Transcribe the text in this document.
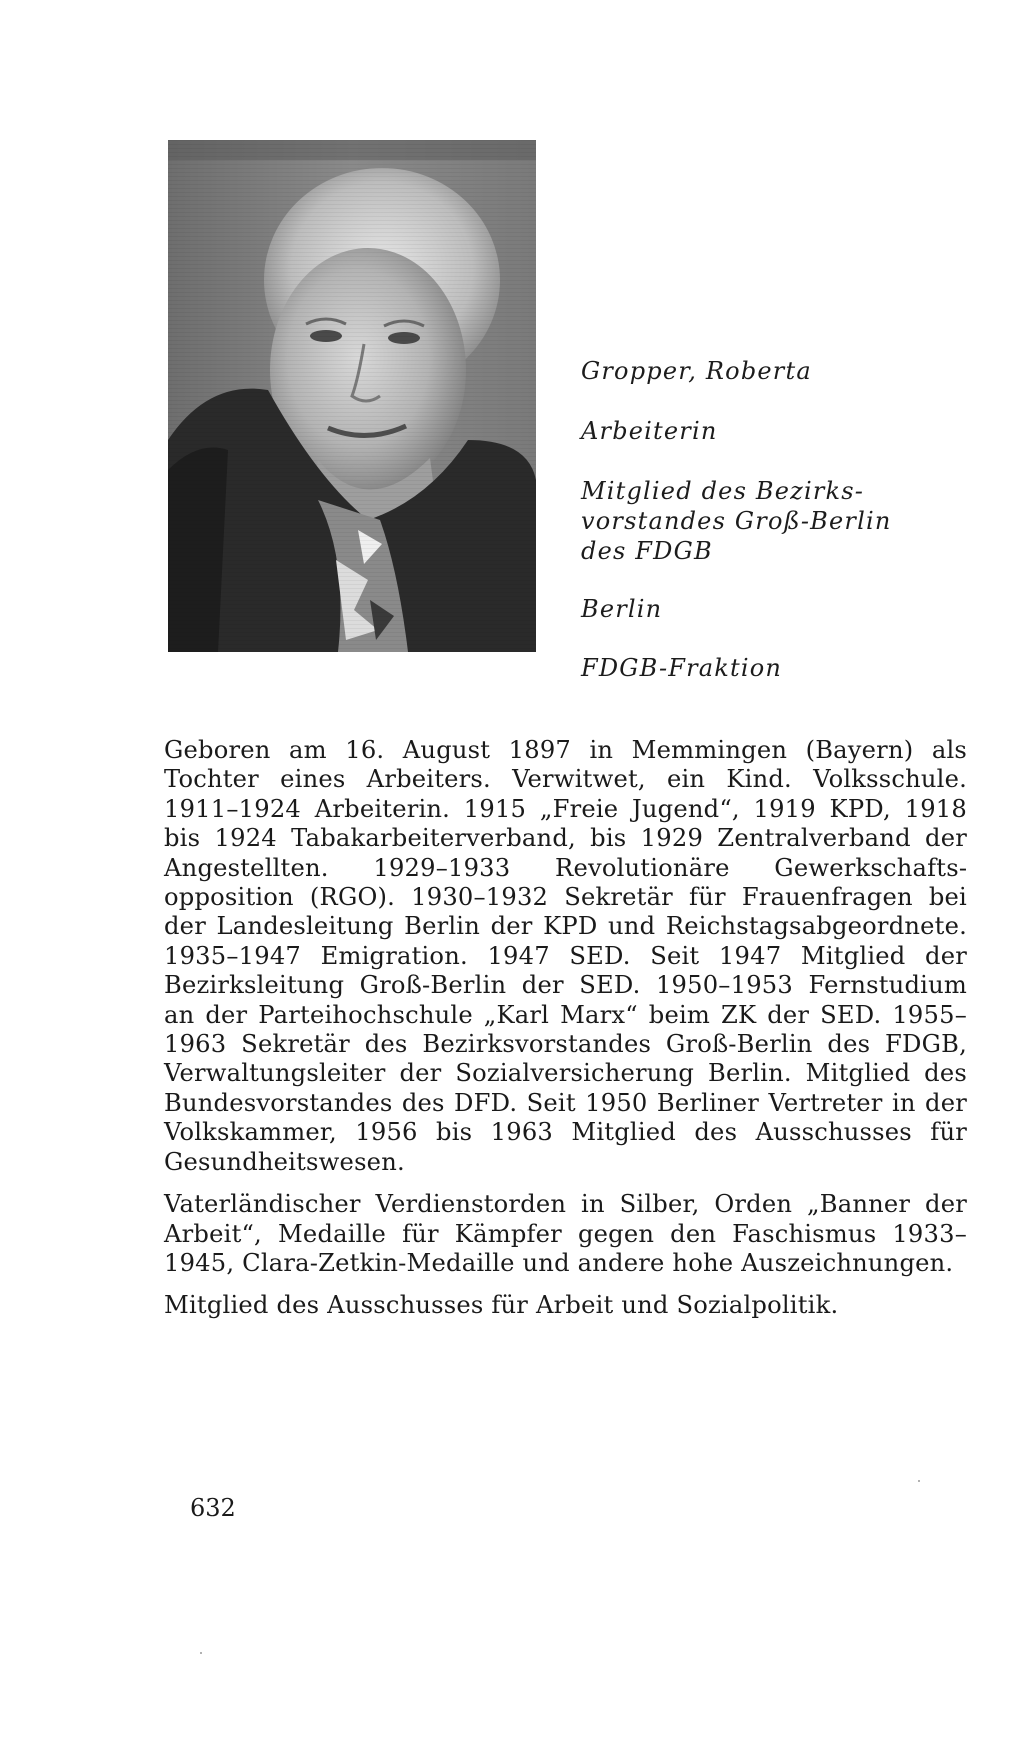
Gropper, Roberta
Arbeiterin
Mitglied des Bezirks-
vorstandes Groß-Berlin
des FDGB
Berlin
FDGB-Fraktion

Geboren am 16. August 1897 in Memmingen (Bayern) als Tochter eines Arbeiters. Verwitwet, ein Kind. Volksschule. 1911–1924 Arbeiterin. 1915 „Freie Jugend“, 1919 KPD, 1918 bis 1924 Tabakarbeiterverband, bis 1929 Zentralverband der Angestellten. 1929–1933 Revolutionäre Gewerkschaftsopposition (RGO). 1930–1932 Sekretär für Frauenfragen bei der Landesleitung Berlin der KPD und Reichstagsabgeordnete. 1935–1947 Emigration. 1947 SED. Seit 1947 Mitglied der Bezirksleitung Groß-Berlin der SED. 1950–1953 Fernstudium an der Parteihochschule „Karl Marx“ beim ZK der SED. 1955–1963 Sekretär des Bezirksvorstandes Groß-Berlin des FDGB, Verwaltungsleiter der Sozialversicherung Berlin. Mitglied des Bundesvorstandes des DFD. Seit 1950 Berliner Vertreter in der Volkskammer, 1956 bis 1963 Mitglied des Ausschusses für Gesundheitswesen.

Vaterländischer Verdienstorden in Silber, Orden „Banner der Arbeit“, Medaille für Kämpfer gegen den Faschismus 1933–1945, Clara-Zetkin-Medaille und andere hohe Auszeichnungen.

Mitglied des Ausschusses für Arbeit und Sozialpolitik.

632
